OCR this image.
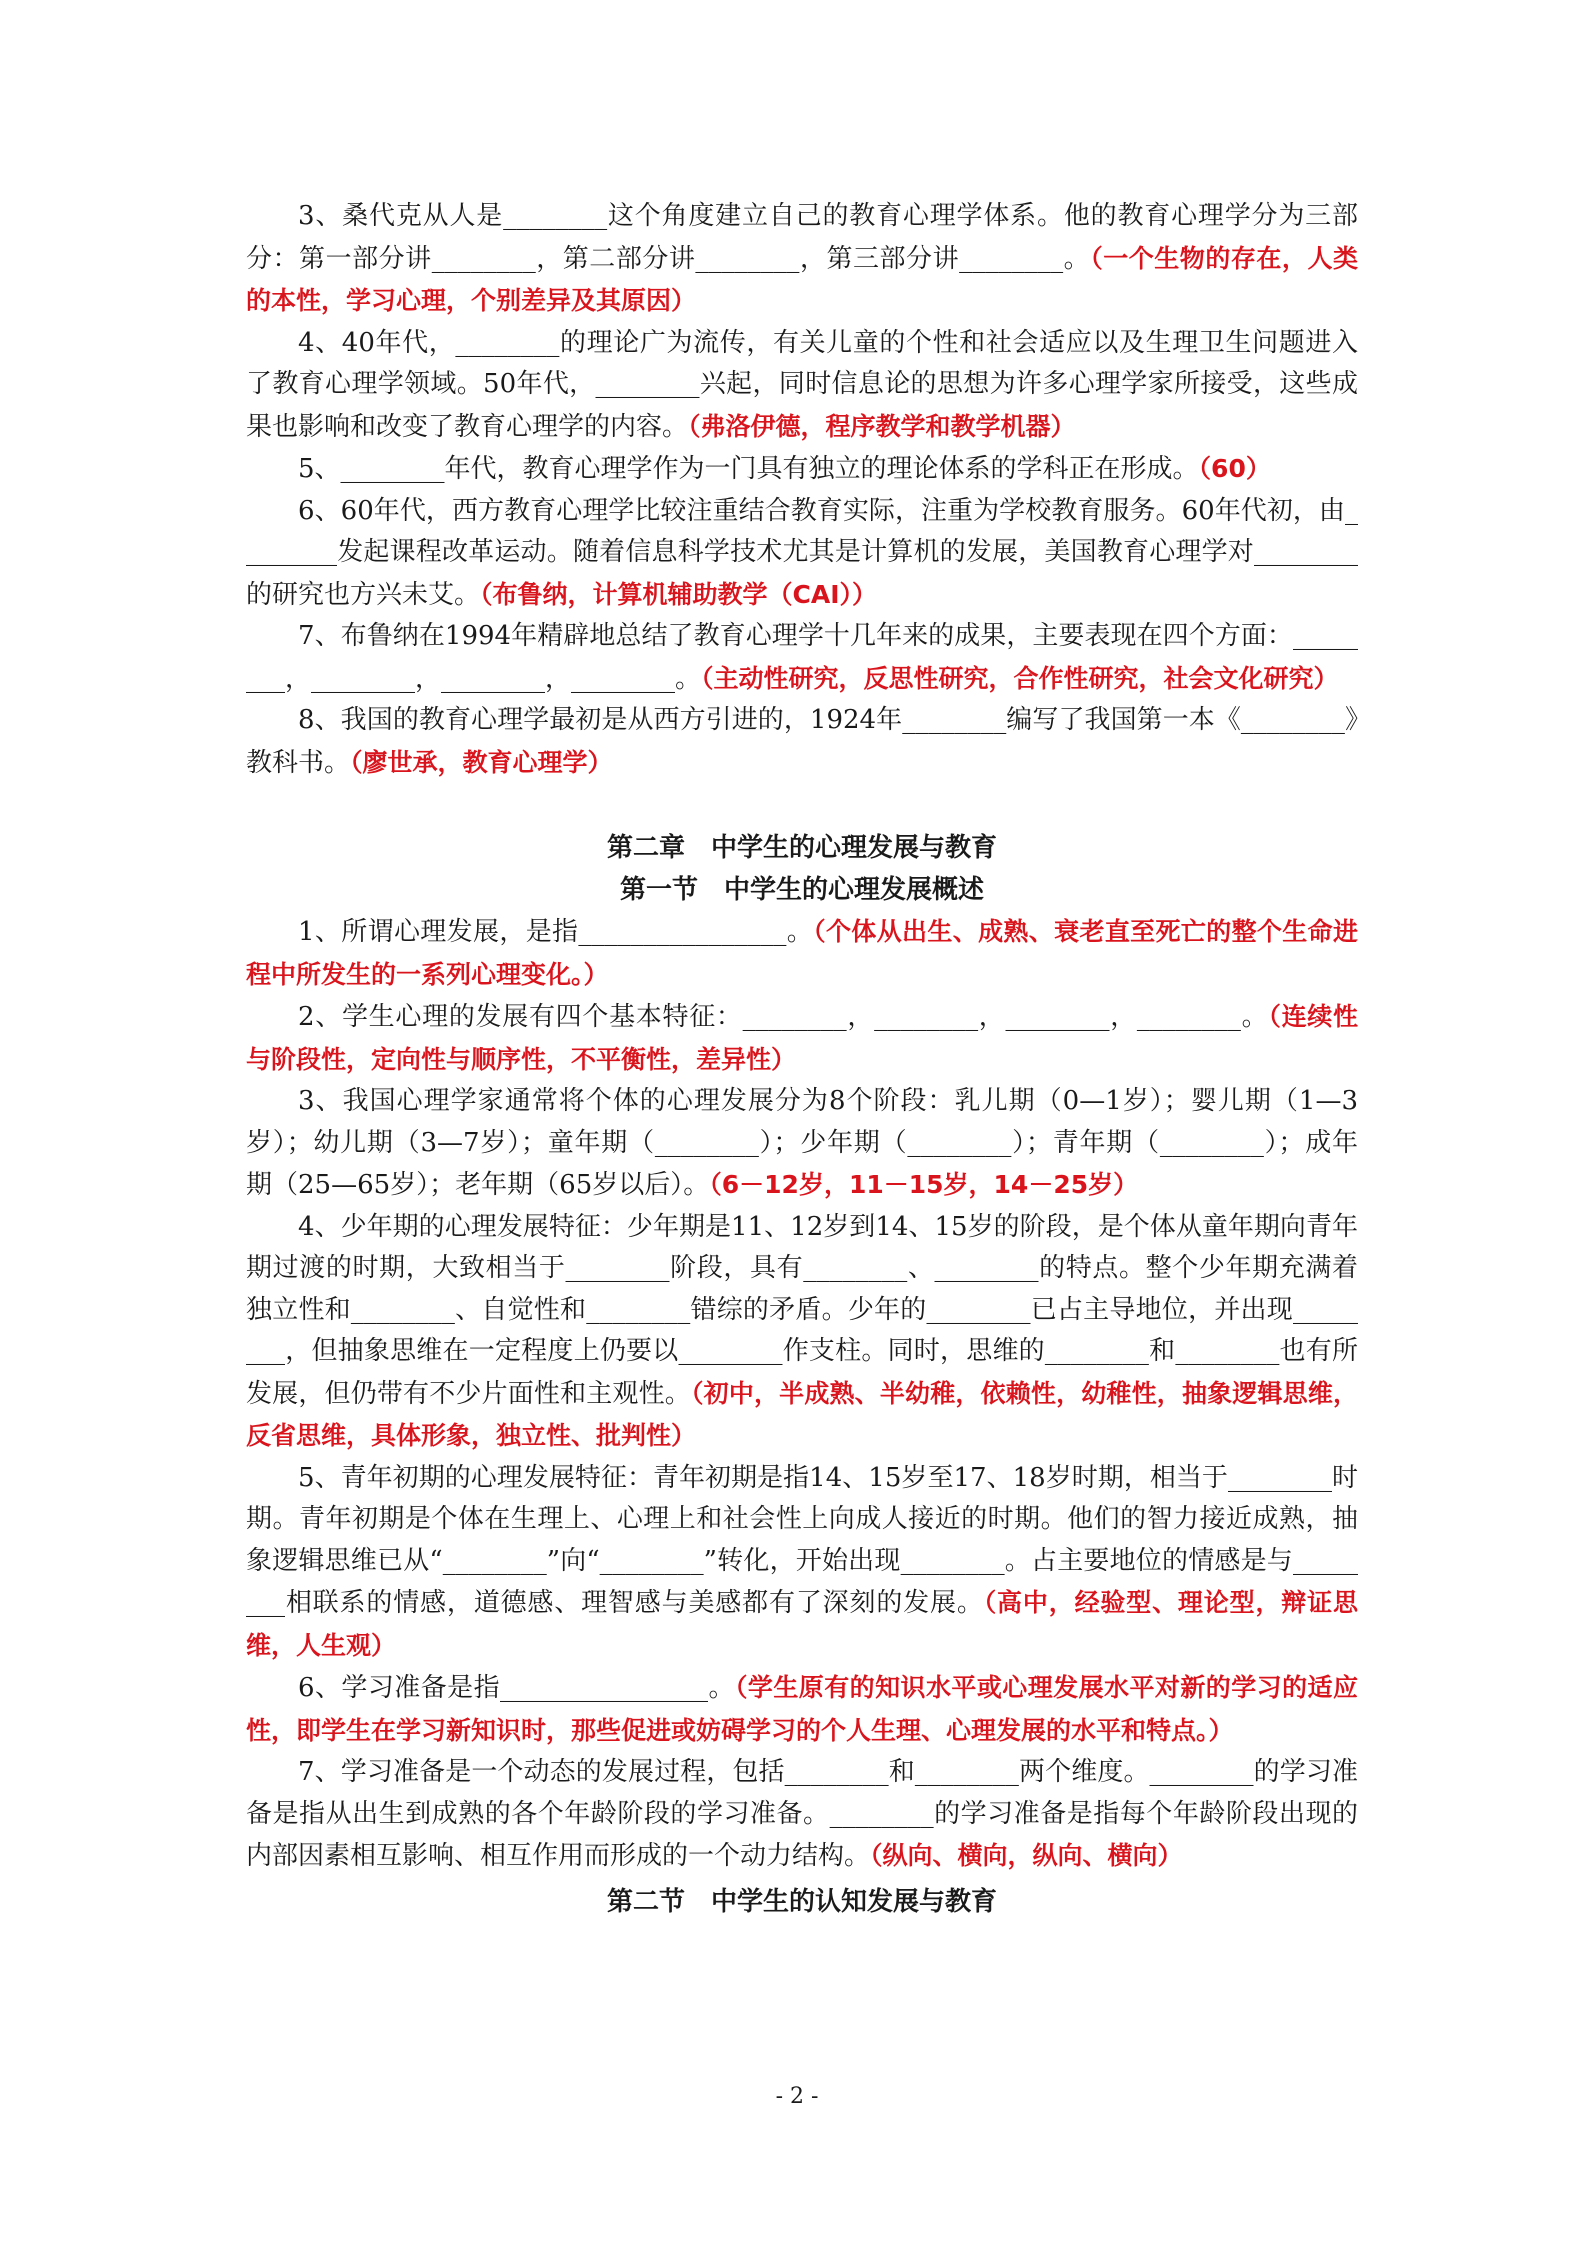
3、桑代克从人是________这个角度建立自己的教育心理学体系。他的教育心理学分为三部分：第一部分讲________，第二部分讲________，第三部分讲________。（一个生物的存在，人类的本性，学习心理，个别差异及其原因）

4、40年代，________的理论广为流传，有关儿童的个性和社会适应以及生理卫生问题进入了教育心理学领域。50年代，________兴起，同时信息论的思想为许多心理学家所接受，这些成果也影响和改变了教育心理学的内容。（弗洛伊德，程序教学和教学机器）

5、________年代，教育心理学作为一门具有独立的理论体系的学科正在形成。（60）

6、60年代，西方教育心理学比较注重结合教育实际，注重为学校教育服务。60年代初，由________发起课程改革运动。随着信息科学技术尤其是计算机的发展，美国教育心理学对________的研究也方兴未艾。（布鲁纳，计算机辅助教学（CAI））

7、布鲁纳在1994年精辟地总结了教育心理学十几年来的成果，主要表现在四个方面：________，________，________，________。（主动性研究，反思性研究，合作性研究，社会文化研究）

8、我国的教育心理学最初是从西方引进的，1924年________编写了我国第一本《________》教科书。（廖世承，教育心理学）

第二章　中学生的心理发展与教育
第一节　中学生的心理发展概述

1、所谓心理发展，是指________________。（个体从出生、成熟、衰老直至死亡的整个生命进程中所发生的一系列心理变化。）

2、学生心理的发展有四个基本特征：________，________，________，________。（连续性与阶段性，定向性与顺序性，不平衡性，差异性）

3、我国心理学家通常将个体的心理发展分为8个阶段：乳儿期（0—1岁）；婴儿期（1—3岁）；幼儿期（3—7岁）；童年期（________）；少年期（________）；青年期（________）；成年期（25—65岁）；老年期（65岁以后）。（6－12岁，11－15岁，14－25岁）

4、少年期的心理发展特征：少年期是11、12岁到14、15岁的阶段，是个体从童年期向青年期过渡的时期，大致相当于________阶段，具有________、________的特点。整个少年期充满着独立性和________、自觉性和________错综的矛盾。少年的________已占主导地位，并出现________，但抽象思维在一定程度上仍要以________作支柱。同时，思维的________和________也有所发展，但仍带有不少片面性和主观性。（初中，半成熟、半幼稚，依赖性，幼稚性，抽象逻辑思维，反省思维，具体形象，独立性、批判性）

5、青年初期的心理发展特征：青年初期是指14、15岁至17、18岁时期，相当于________时期。青年初期是个体在生理上、心理上和社会性上向成人接近的时期。他们的智力接近成熟，抽象逻辑思维已从“________”向“________”转化，开始出现________。占主要地位的情感是与________相联系的情感，道德感、理智感与美感都有了深刻的发展。（高中，经验型、理论型，辩证思维，人生观）

6、学习准备是指________________。（学生原有的知识水平或心理发展水平对新的学习的适应性，即学生在学习新知识时，那些促进或妨碍学习的个人生理、心理发展的水平和特点。）

7、学习准备是一个动态的发展过程，包括________和________两个维度。________的学习准备是指从出生到成熟的各个年龄阶段的学习准备。________的学习准备是指每个年龄阶段出现的内部因素相互影响、相互作用而形成的一个动力结构。（纵向、横向，纵向、横向）

第二节　中学生的认知发展与教育
- 2 -
